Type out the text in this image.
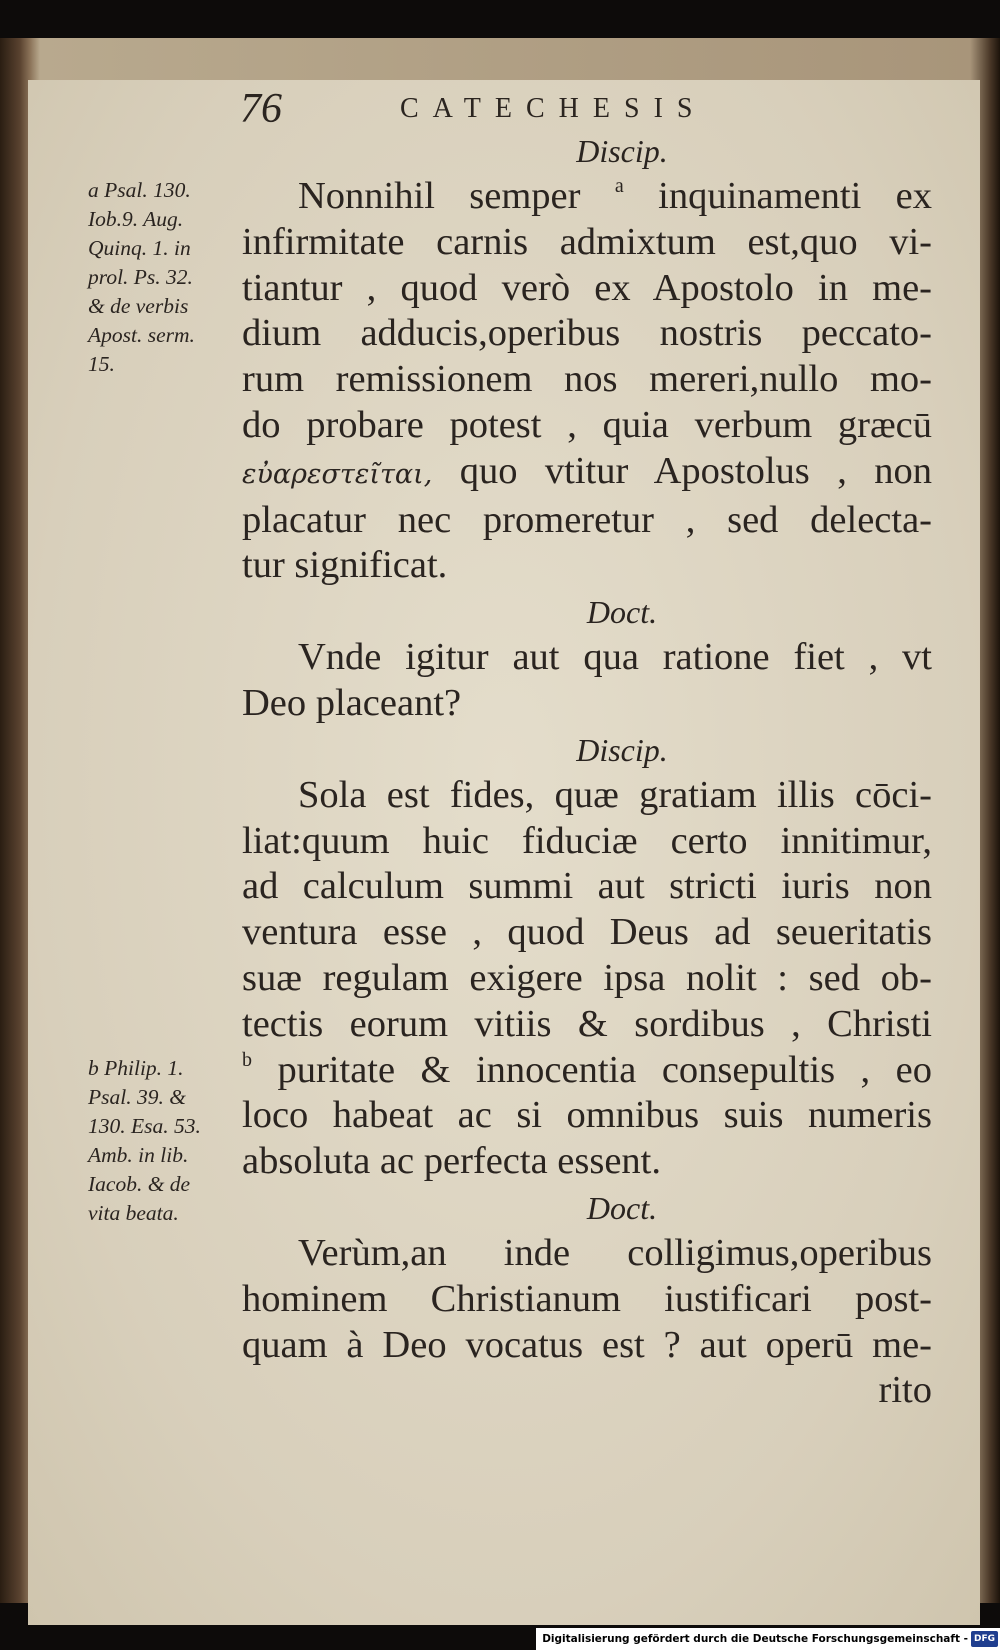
76	CATECHESIS
a Psal. 130.
Iob.9. Aug.
Quinq. 1. in
prol. Ps. 32.
& de verbis
Apost. serm.
15.
b Philip. 1.
Psal. 39. &
130. Esa. 53.
Amb. in lib.
Iacob. & de
vita beata.

Discip.

Nonnihil semper $^a$ inquinamenti ex
infirmitate carnis admixtum est,quo vi-
tiantur , quod verò ex Apostolo in me-
dium adducis,operibus nostris peccato-
rum remissionem nos mereri,nullo mo-
do probare potest , quia verbum græcū
εὐαρεστεῖται, quo vtitur Apostolus , non
placatur nec promeretur , sed delecta-
tur significat.

Doct.

Vnde igitur aut qua ratione fiet , vt
Deo placeant?

Discip.

Sola est fides, quæ gratiam illis cōci-
liat:quum huic fiduciæ certo innitimur,
ad calculum summi aut stricti iuris non
ventura esse , quod Deus ad seueritatis
suæ regulam exigere ipsa nolit : sed ob-
tectis eorum vitiis & sordibus , Christi
$^b$ puritate & innocentia consepultis , eo
loco habeat ac si omnibus suis numeris
absoluta ac perfecta essent.

Doct.

Verùm,an inde colligimus,operibus
hominem Christianum iustificari post-
quam à Deo vocatus est ? aut operū me-
rito
Digitalisierung gefördert durch die Deutsche Forschungsgemeinschaft - DFG
